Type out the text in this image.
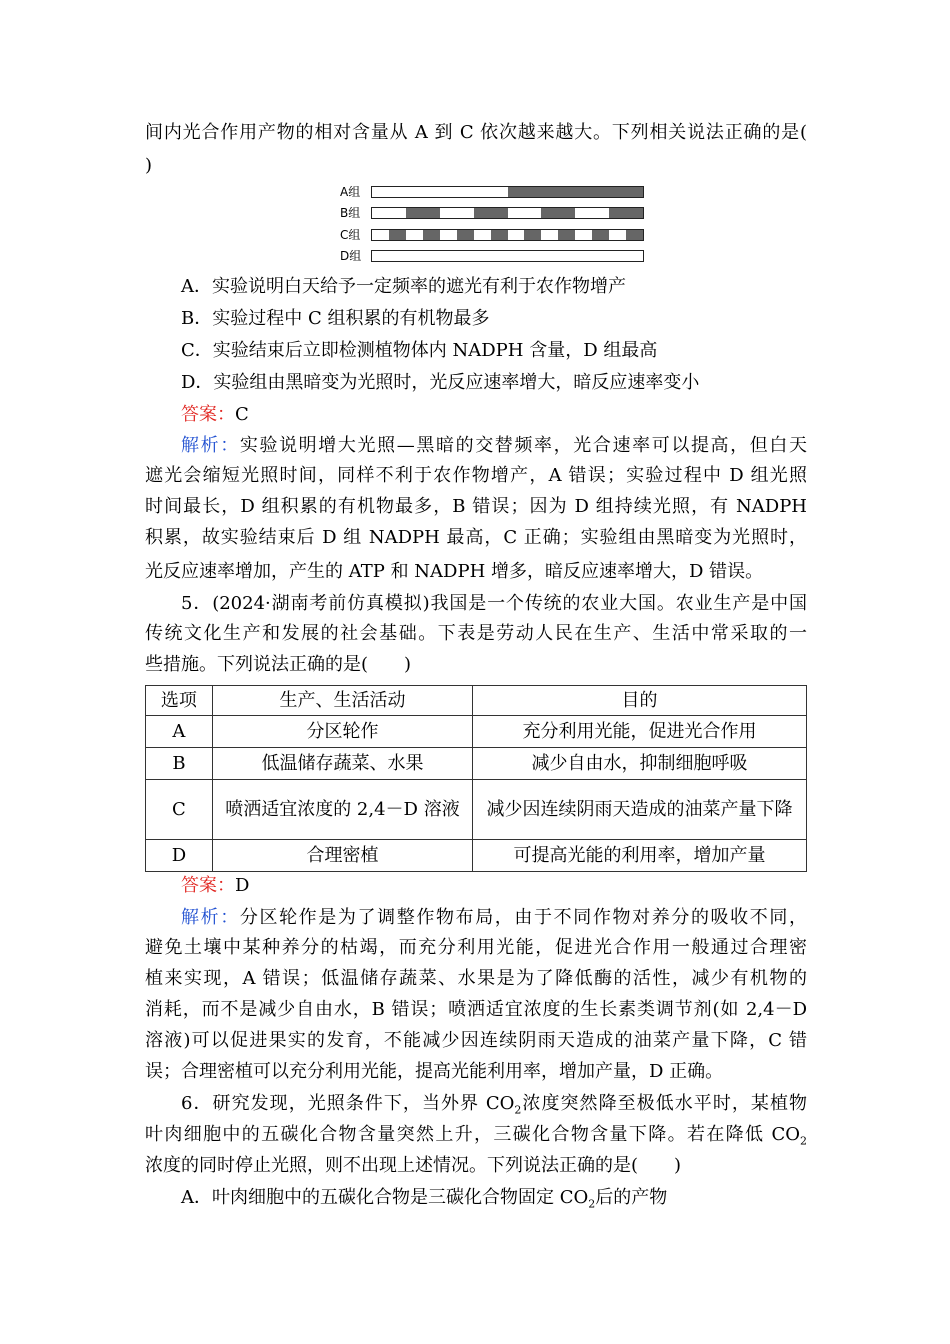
间内光合作用产物的相对含量从 A 到 C 依次越来越大。下列相关说法正确的是(
)
A组
B组
C组
D组
A．实验说明白天给予一定频率的遮光有利于农作物增产
B．实验过程中 C 组积累的有机物最多
C．实验结束后立即检测植物体内 NADPH 含量，D 组最高
D．实验组由黑暗变为光照时，光反应速率增大，暗反应速率变小
答案：C
解析：实验说明增大光照—黑暗的交替频率，光合速率可以提高，但白天
遮光会缩短光照时间，同样不利于农作物增产，A 错误；实验过程中 D 组光照
时间最长，D 组积累的有机物最多，B 错误；因为 D 组持续光照，有 NADPH
积累，故实验结束后 D 组 NADPH 最高，C 正确；实验组由黑暗变为光照时，
光反应速率增加，产生的 ATP 和 NADPH 增多，暗反应速率增大，D 错误。
5．(2024·湖南考前仿真模拟)我国是一个传统的农业大国。农业生产是中国
传统文化生产和发展的社会基础。下表是劳动人民在生产、生活中常采取的一
些措施。下列说法正确的是(　　)
选项	生产、生活活动	目的
A	分区轮作	充分利用光能，促进光合作用
B	低温储存蔬菜、水果	减少自由水，抑制细胞呼吸
C	喷洒适宜浓度的 2,4－D 溶液	减少因连续阴雨天造成的油菜产量下降
D	合理密植	可提高光能的利用率，增加产量
答案：D
解析：分区轮作是为了调整作物布局，由于不同作物对养分的吸收不同，
避免土壤中某种养分的枯竭，而充分利用光能，促进光合作用一般通过合理密
植来实现，A 错误；低温储存蔬菜、水果是为了降低酶的活性，减少有机物的
消耗，而不是减少自由水，B 错误；喷洒适宜浓度的生长素类调节剂(如 2,4－D
溶液)可以促进果实的发育，不能减少因连续阴雨天造成的油菜产量下降，C 错
误；合理密植可以充分利用光能，提高光能利用率，增加产量，D 正确。
6．研究发现，光照条件下，当外界 $CO_2$浓度突然降至极低水平时，某植物
叶肉细胞中的五碳化合物含量突然上升，三碳化合物含量下降。若在降低 $CO_2$
浓度的同时停止光照，则不出现上述情况。下列说法正确的是(　　)
A．叶肉细胞中的五碳化合物是三碳化合物固定 $CO_2$后的产物
